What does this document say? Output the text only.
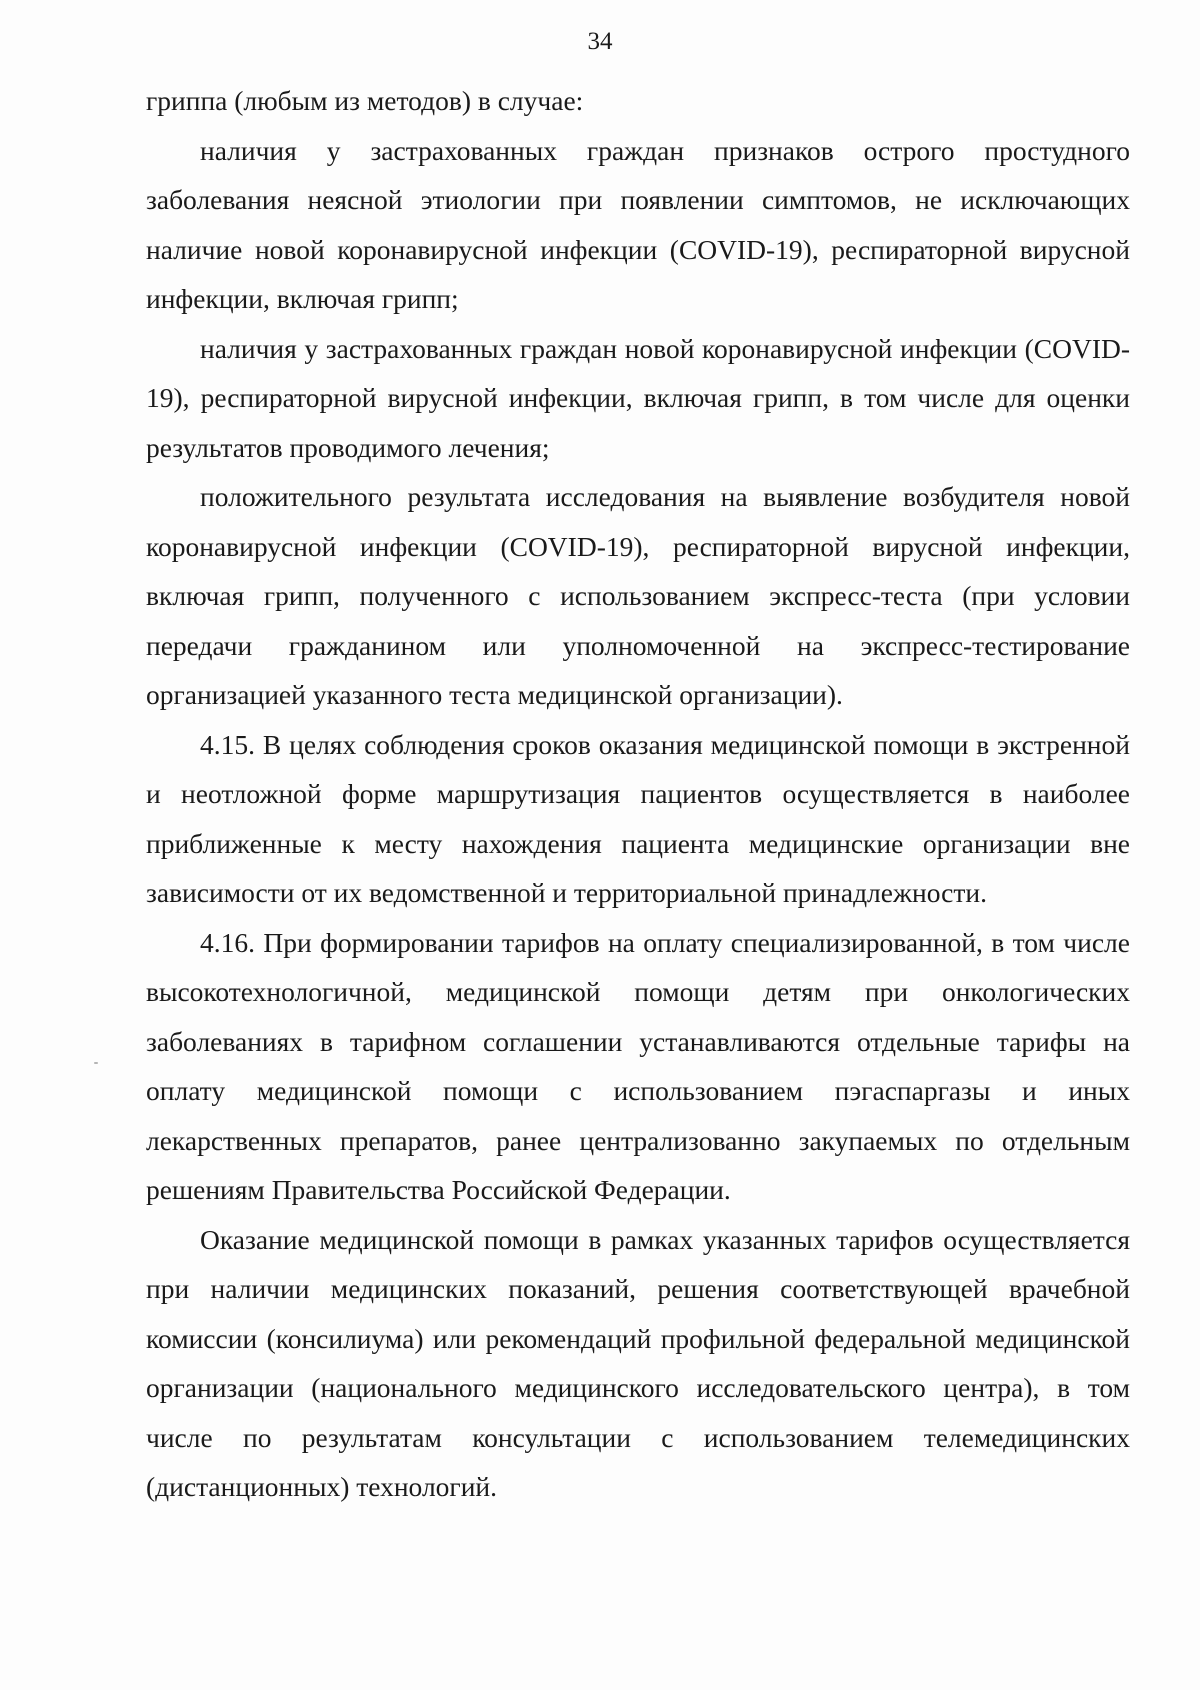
34

гриппа (любым из методов) в случае:

наличия у застрахованных граждан признаков острого простудного заболевания неясной этиологии при появлении симптомов, не исключающих наличие новой коронавирусной инфекции (COVID-19), респираторной вирусной инфекции, включая грипп;

наличия у застрахованных граждан новой коронавирусной инфекции (COVID-19), респираторной вирусной инфекции, включая грипп, в том числе для оценки результатов проводимого лечения;

положительного результата исследования на выявление возбудителя новой коронавирусной инфекции (COVID-19), респираторной вирусной инфекции, включая грипп, полученного с использованием экспресс-теста (при условии передачи гражданином или уполномоченной на экспресс-тестирование организацией указанного теста медицинской организации).

4.15. В целях соблюдения сроков оказания медицинской помощи в экстренной и неотложной форме маршрутизация пациентов осуществляется в наиболее приближенные к месту нахождения пациента медицинские организации вне зависимости от их ведомственной и территориальной принадлежности.

4.16. При формировании тарифов на оплату специализированной, в том числе высокотехнологичной, медицинской помощи детям при онкологических заболеваниях в тарифном соглашении устанавливаются отдельные тарифы на оплату медицинской помощи с использованием пэгаспаргазы и иных лекарственных препаратов, ранее централизованно закупаемых по отдельным решениям Правительства Российской Федерации.

Оказание медицинской помощи в рамках указанных тарифов осуществляется при наличии медицинских показаний, решения соответствующей врачебной комиссии (консилиума) или рекомендаций профильной федеральной медицинской организации (национального медицинского исследовательского центра), в том числе по результатам консультации с использованием телемедицинских (дистанционных) технологий.
